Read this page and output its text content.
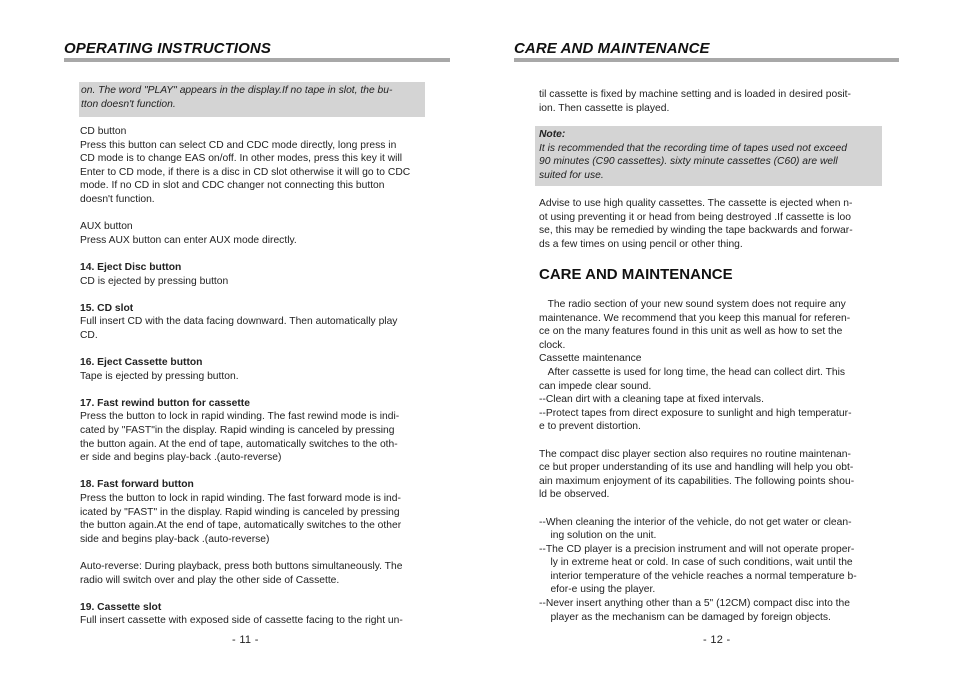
OPERATING INSTRUCTIONS

on. The word "PLAY" appears in the display.If no tape in slot, the bu-

tton doesn't function.

CD button

Press this button can select CD and CDC mode directly, long press in

CD mode is to change EAS on/off. In other modes, press this key it will

Enter to CD mode, if there is a disc in CD slot otherwise it will go to CDC

mode. If no CD in slot and CDC changer not connecting this button

doesn't function.

AUX button

Press AUX button can enter AUX mode directly.

14. Eject Disc button

CD is ejected by pressing button

15. CD slot

Full insert CD with the data facing downward. Then automatically play

CD.

16. Eject Cassette button

Tape is ejected by pressing button.

17. Fast rewind button for cassette

Press the button to lock in rapid winding. The fast rewind mode is indi-

cated by "FAST"in the display. Rapid winding is canceled by pressing

the button again. At the end of tape, automatically switches to the oth-

er side and begins play-back .(auto-reverse)

18. Fast forward button

Press the button to lock in rapid winding. The fast forward mode is ind-

icated by "FAST" in the display. Rapid winding is canceled by pressing

the button again.At the end of tape, automatically switches to the other

side and begins play-back .(auto-reverse)

Auto-reverse: During playback, press both buttons simultaneously. The

radio will switch over and play the other side of Cassette.

19. Cassette slot

Full insert cassette with exposed side of cassette facing to the right un-

- 11 -
CARE AND MAINTENANCE

til cassette is fixed by machine setting and is loaded in desired posit-

ion. Then cassette is played.

Note:

It is recommended that the recording time of tapes used not exceed

90 minutes (C90 cassettes). sixty minute cassettes (C60) are well

suited for use.

Advise to use high quality cassettes. The cassette is ejected when n-

ot using preventing it or head from being destroyed .If cassette is loo

se, this may be remedied by winding the tape backwards and forwar-

ds a few times on using pencil or other thing.

CARE AND MAINTENANCE

The radio section of your new sound system does not require any

maintenance. We recommend that you keep this manual for referen-

ce on the many features found in this unit as well as how to set the

clock.

Cassette maintenance

After cassette is used for long time, the head can collect dirt. This

can impede clear sound.

--Clean dirt with a cleaning tape at fixed intervals.

--Protect tapes from direct exposure to sunlight and high temperatur-

e to prevent distortion.

The compact disc player section also requires no routine maintenan-

ce but proper understanding of its use and handling will help you obt-

ain maximum enjoyment of its capabilities. The following points shou-

ld be observed.

--When cleaning the interior of the vehicle, do not get water or clean-

ing solution on the unit.

--The CD player is a precision instrument and will not operate proper-

ly in extreme heat or cold. In case of such conditions, wait until the

interior temperature of the vehicle reaches a normal temperature b-

efor-e using the player.

--Never insert anything other than a 5" (12CM) compact disc into the

player as the mechanism can be damaged by foreign objects.

- 12 -
